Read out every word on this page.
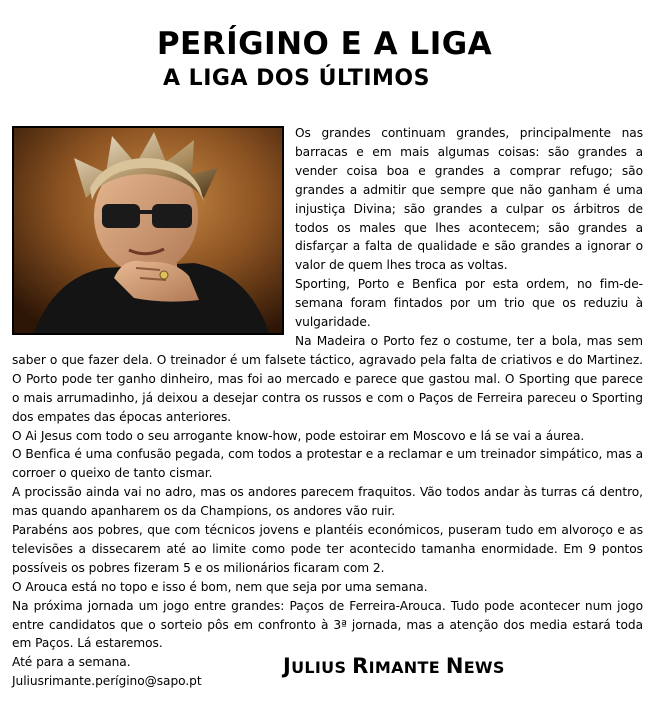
PERÍGINO E A LIGA
A LIGA DOS ÚLTIMOS

Os grandes continuam grandes, principalmente nas barracas e em mais algumas coisas: são grandes a vender coisa boa e grandes a comprar refugo; são grandes a admitir que sempre que não ganham é uma injustiça Divina; são grandes a culpar os árbitros de todos os males que lhes acontecem; são grandes a disfarçar a falta de qualidade e são grandes a ignorar o valor de quem lhes troca as voltas.

Sporting, Porto e Benfica por esta ordem, no fim-de-semana foram fintados por um trio que os reduziu à vulgaridade.

Na Madeira o Porto fez o costume, ter a bola, mas sem saber o que fazer dela. O treinador é um falsete táctico, agravado pela falta de criativos e do Martinez. O Porto pode ter ganho dinheiro, mas foi ao mercado e parece que gastou mal. O Sporting que parece o mais arrumadinho, já deixou a desejar contra os russos e com o Paços de Ferreira pareceu o Sporting dos empates das épocas anteriores.

O Ai Jesus com todo o seu arrogante know-how, pode estoirar em Moscovo e lá se vai a áurea.

O Benfica é uma confusão pegada, com todos a protestar e a reclamar e um treinador simpático, mas a corroer o queixo de tanto cismar.

A procissão ainda vai no adro, mas os andores parecem fraquitos. Vão todos andar às turras cá dentro, mas quando apanharem os da Champions, os andores vão ruir.

Parabéns aos pobres, que com técnicos jovens e plantéis económicos, puseram tudo em alvoroço e as televisões a dissecarem até ao limite como pode ter acontecido tamanha enormidade. Em 9 pontos possíveis os pobres fizeram 5 e os milionários ficaram com 2.

O Arouca está no topo e isso é bom, nem que seja por uma semana.

Na próxima jornada um jogo entre grandes: Paços de Ferreira-Arouca. Tudo pode acontecer num jogo entre candidatos que o sorteio pôs em confronto à 3ª jornada, mas a atenção dos media estará toda em Paços. Lá estaremos.

Até para a semana.

Juliusrimante.perígino@sapo.pt

JULIUS RIMANTE NEWS
